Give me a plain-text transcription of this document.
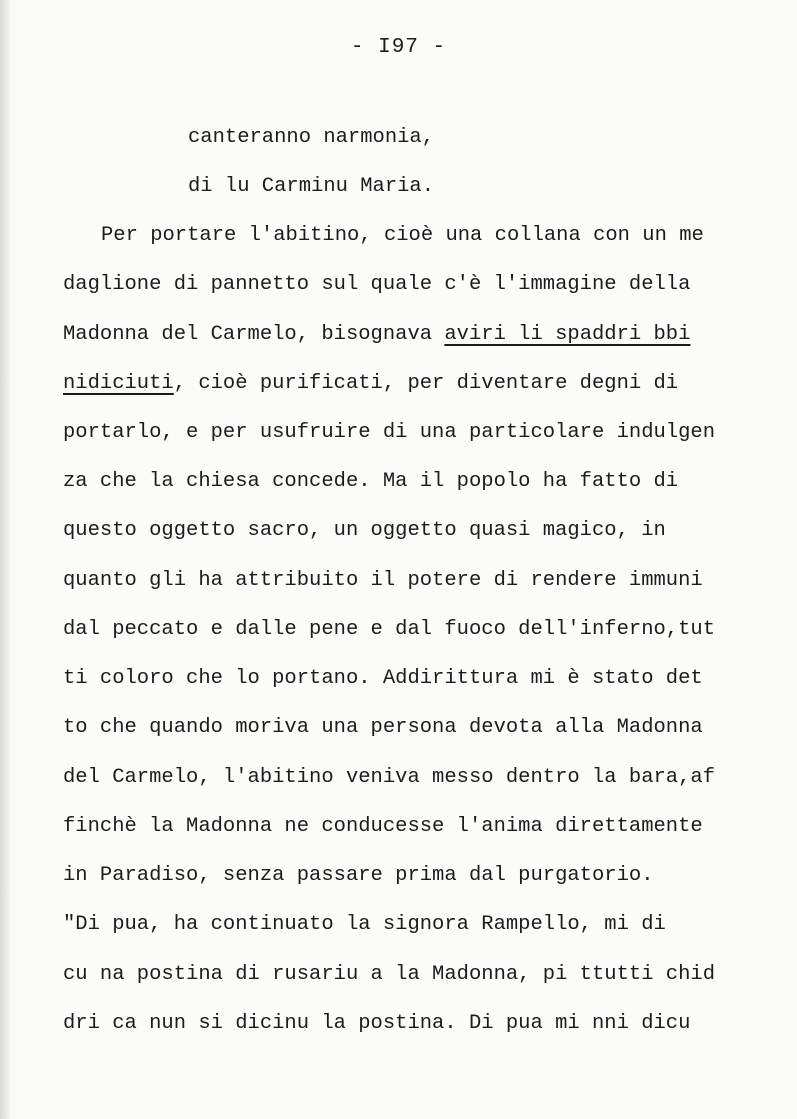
- I97 -
canteranno narmonia,
di lu Carminu Maria.
Per portare l'abitino, cioè una collana con un me
daglione di pannetto sul quale c'è l'immagine della
Madonna del Carmelo, bisognava aviri li spaddri bbi
nidiciuti, cioè purificati, per diventare degni di
portarlo, e per usufruire di una particolare indulgen
za che la chiesa concede. Ma il popolo ha fatto di
questo oggetto sacro, un oggetto quasi magico, in
quanto gli ha attribuito il potere di rendere immuni
dal peccato e dalle pene e dal fuoco dell'inferno,tut
ti coloro che lo portano. Addirittura mi è stato det
to che quando moriva una persona devota alla Madonna
del Carmelo, l'abitino veniva messo dentro la bara,af
finchè la Madonna ne conducesse l'anima direttamente
in Paradiso, senza passare prima dal purgatorio.
"Di pua, ha continuato la signora Rampello, mi di
cu na postina di rusariu a la Madonna, pi ttutti chid
dri ca nun si dicinu la postina. Di pua mi nni dicu
